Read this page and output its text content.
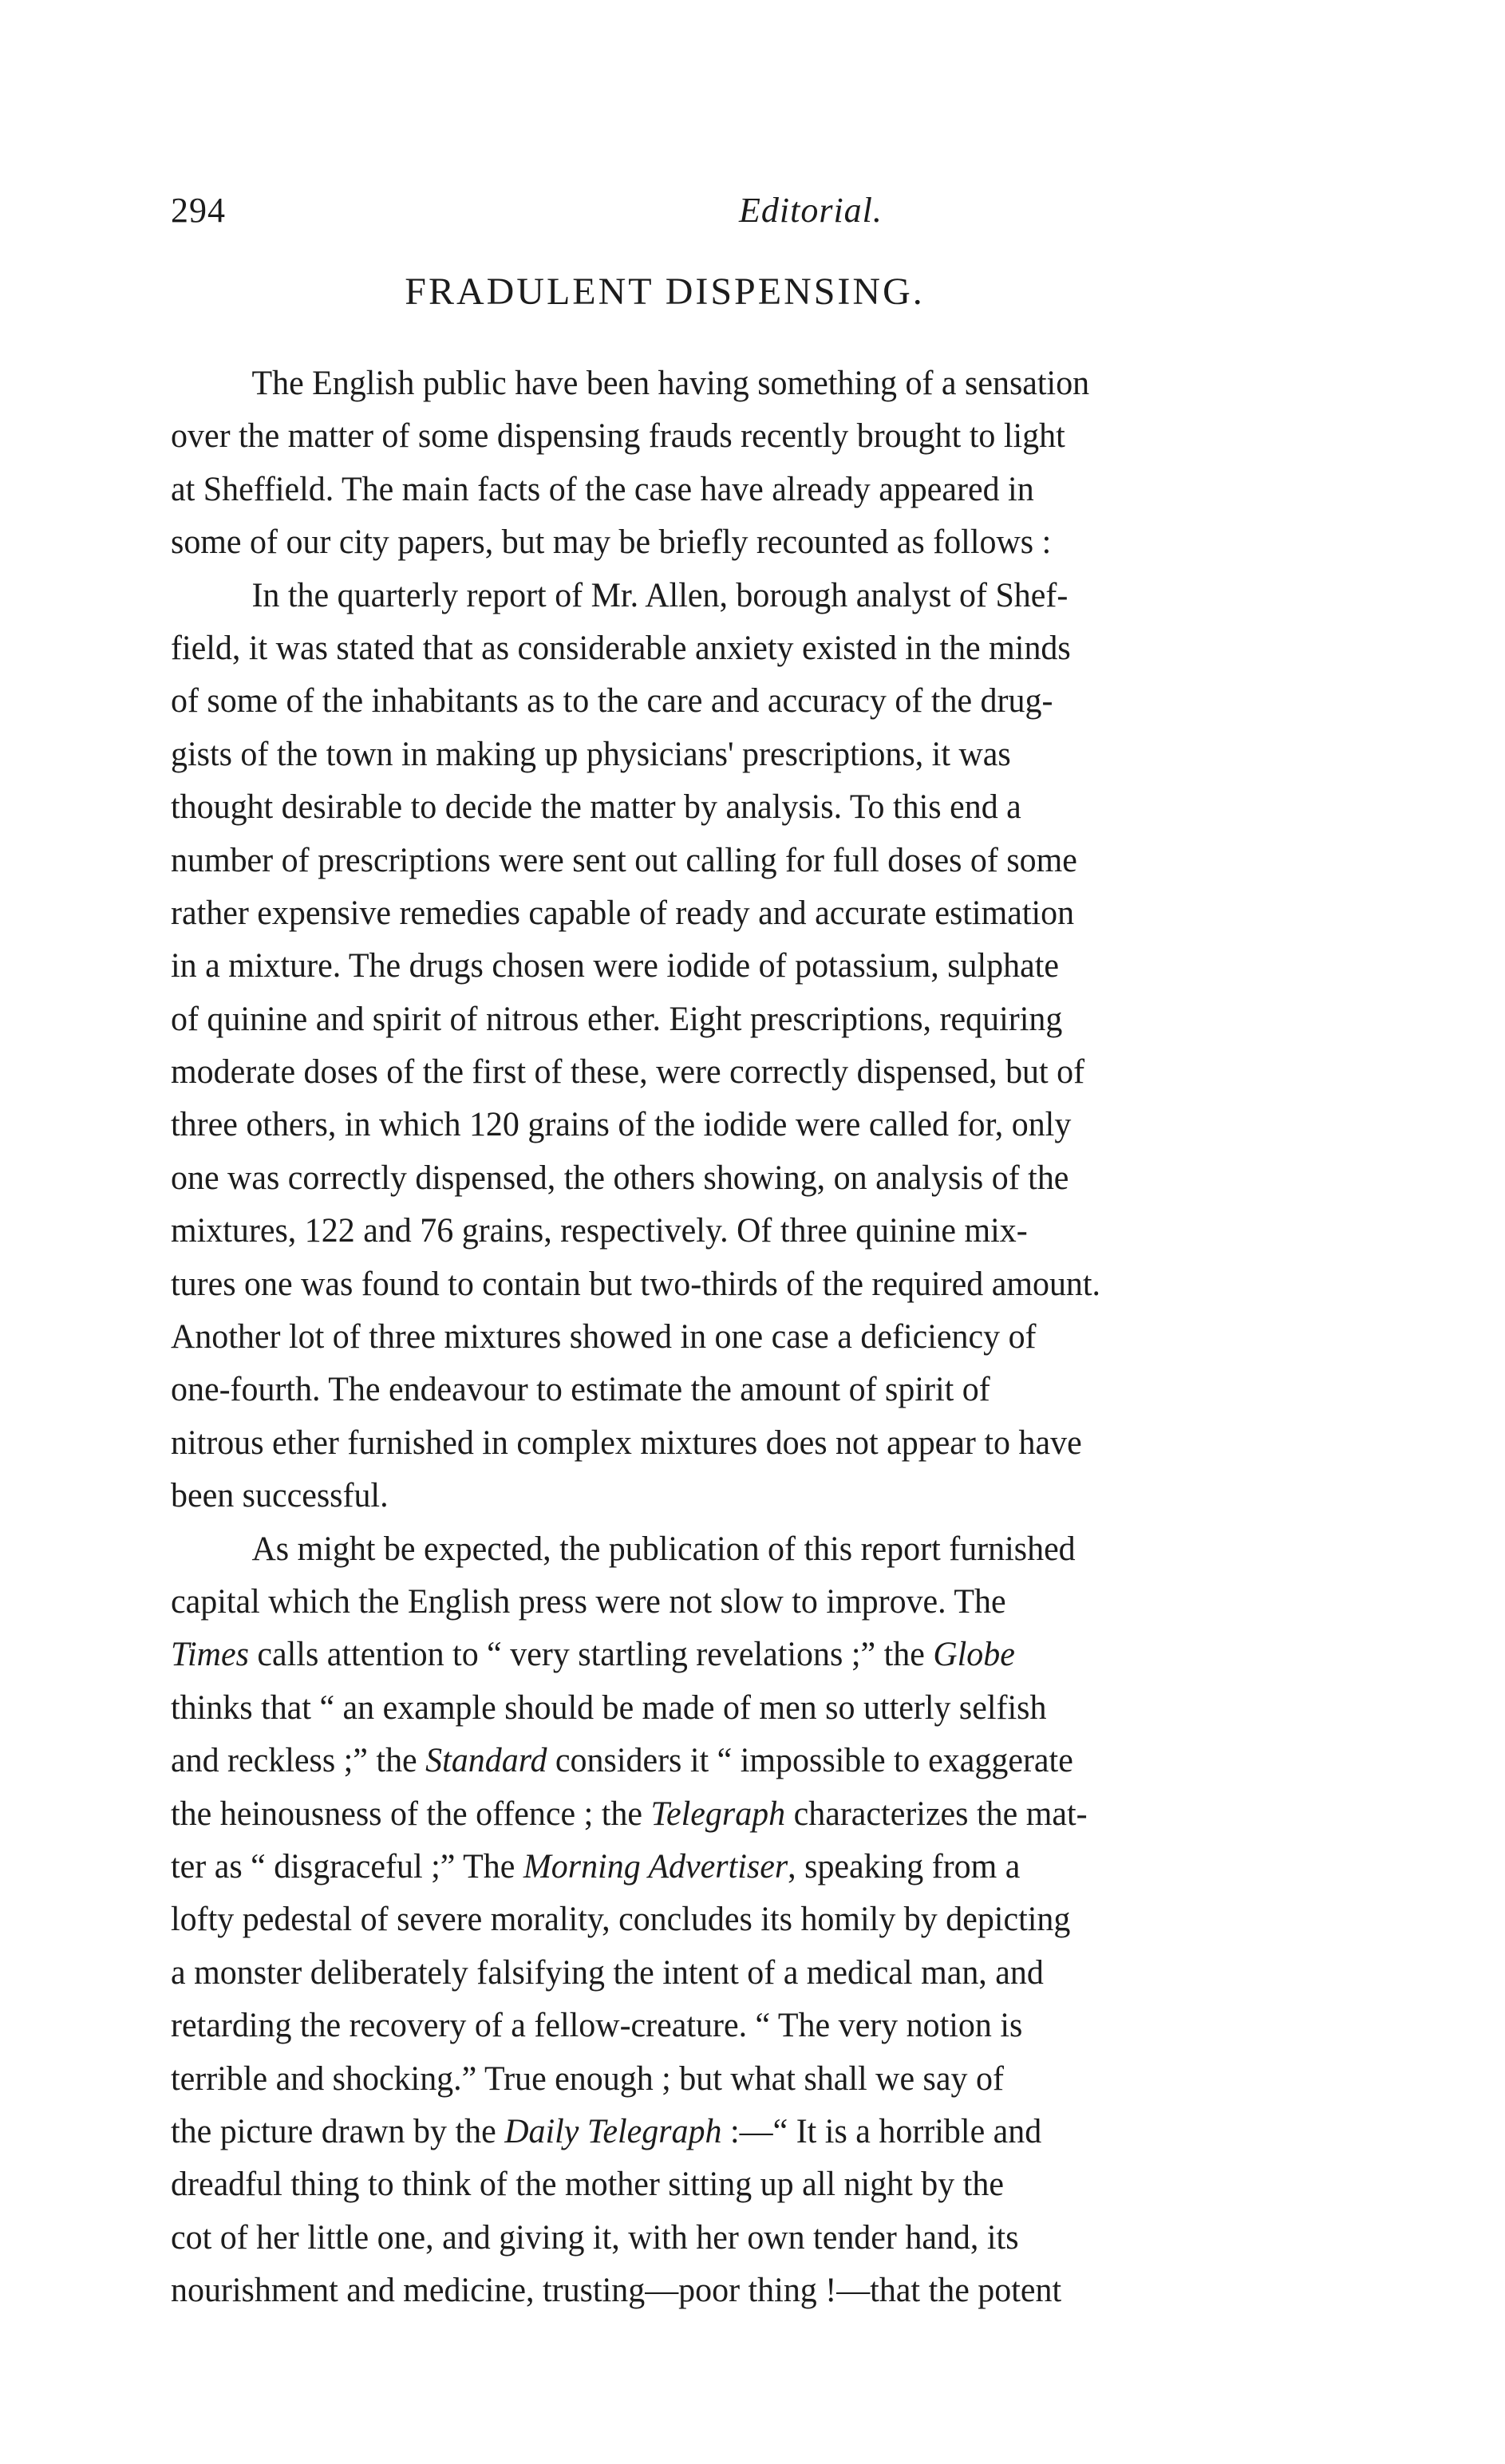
294	Editorial.
FRADULENT DISPENSING.
The English public have been having something of a sensation
over the matter of some dispensing frauds recently brought to light
at Sheffield. The main facts of the case have already appeared in
some of our city papers, but may be briefly recounted as follows :
In the quarterly report of Mr. Allen, borough analyst of Shef-
field, it was stated that as considerable anxiety existed in the minds
of some of the inhabitants as to the care and accuracy of the drug-
gists of the town in making up physicians' prescriptions, it was
thought desirable to decide the matter by analysis. To this end a
number of prescriptions were sent out calling for full doses of some
rather expensive remedies capable of ready and accurate estimation
in a mixture. The drugs chosen were iodide of potassium, sulphate
of quinine and spirit of nitrous ether. Eight prescriptions, requiring
moderate doses of the first of these, were correctly dispensed, but of
three others, in which 120 grains of the iodide were called for, only
one was correctly dispensed, the others showing, on analysis of the
mixtures, 122 and 76 grains, respectively. Of three quinine mix-
tures one was found to contain but two-thirds of the required amount.
Another lot of three mixtures showed in one case a deficiency of
one-fourth. The endeavour to estimate the amount of spirit of
nitrous ether furnished in complex mixtures does not appear to have
been successful.
As might be expected, the publication of this report furnished
capital which the English press were not slow to improve. The
Times calls attention to “ very startling revelations ;” the Globe
thinks that “ an example should be made of men so utterly selfish
and reckless ;” the Standard considers it “ impossible to exaggerate
the heinousness of the offence ; the Telegraph characterizes the mat-
ter as “ disgraceful ;” The Morning Advertiser, speaking from a
lofty pedestal of severe morality, concludes its homily by depicting
a monster deliberately falsifying the intent of a medical man, and
retarding the recovery of a fellow-creature. “ The very notion is
terrible and shocking.” True enough ; but what shall we say of
the picture drawn by the Daily Telegraph :—“ It is a horrible and
dreadful thing to think of the mother sitting up all night by the
cot of her little one, and giving it, with her own tender hand, its
nourishment and medicine, trusting—poor thing !—that the potent
